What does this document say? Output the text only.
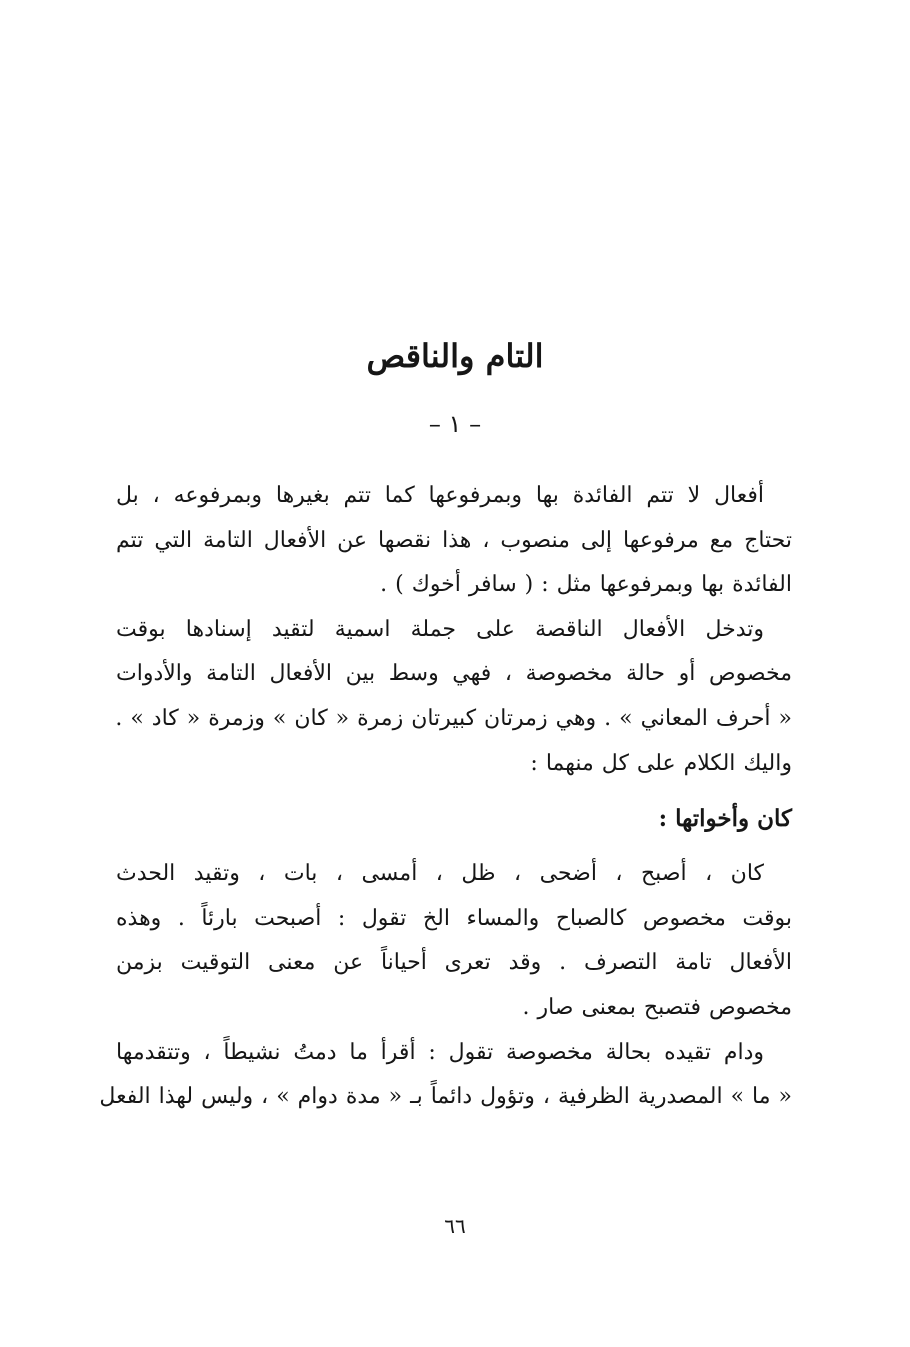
التام والناقص
– ١ –

أفعال لا تتم الفائدة بها وبمرفوعها كما تتم بغيرها وبمرفوعه ، بل
تحتاج مع مرفوعها إلى منصوب ، هذا نقصها عن الأفعال التامة التي تتم
الفائدة بها وبمرفوعها مثل : ( سافر أخوك ) .

وتدخل الأفعال الناقصة على جملة اسمية لتقيد إسنادها بوقت
مخصوص أو حالة مخصوصة ، فهي وسط بين الأفعال التامة والأدوات
« أحرف المعاني » . وهي زمرتان كبيرتان زمرة « كان » وزمرة « كاد » .
واليك الكلام على كل منهما :

كان وأخواتها :

كان ، أصبح ، أضحى ، ظل ، أمسى ، بات ، وتقيد الحدث
بوقت مخصوص كالصباح والمساء الخ تقول : أصبحت بارئاً . وهذه
الأفعال تامة التصرف . وقد تعرى أحياناً عن معنى التوقيت بزمن
مخصوص فتصبح بمعنى صار .

ودام تقيده بحالة مخصوصة تقول : أقرأ ما دمتُ نشيطاً ، وتتقدمها
« ما » المصدرية الظرفية ، وتؤول دائماً بـ « مدة دوام » ، وليس لهذا الفعل

٦٦
